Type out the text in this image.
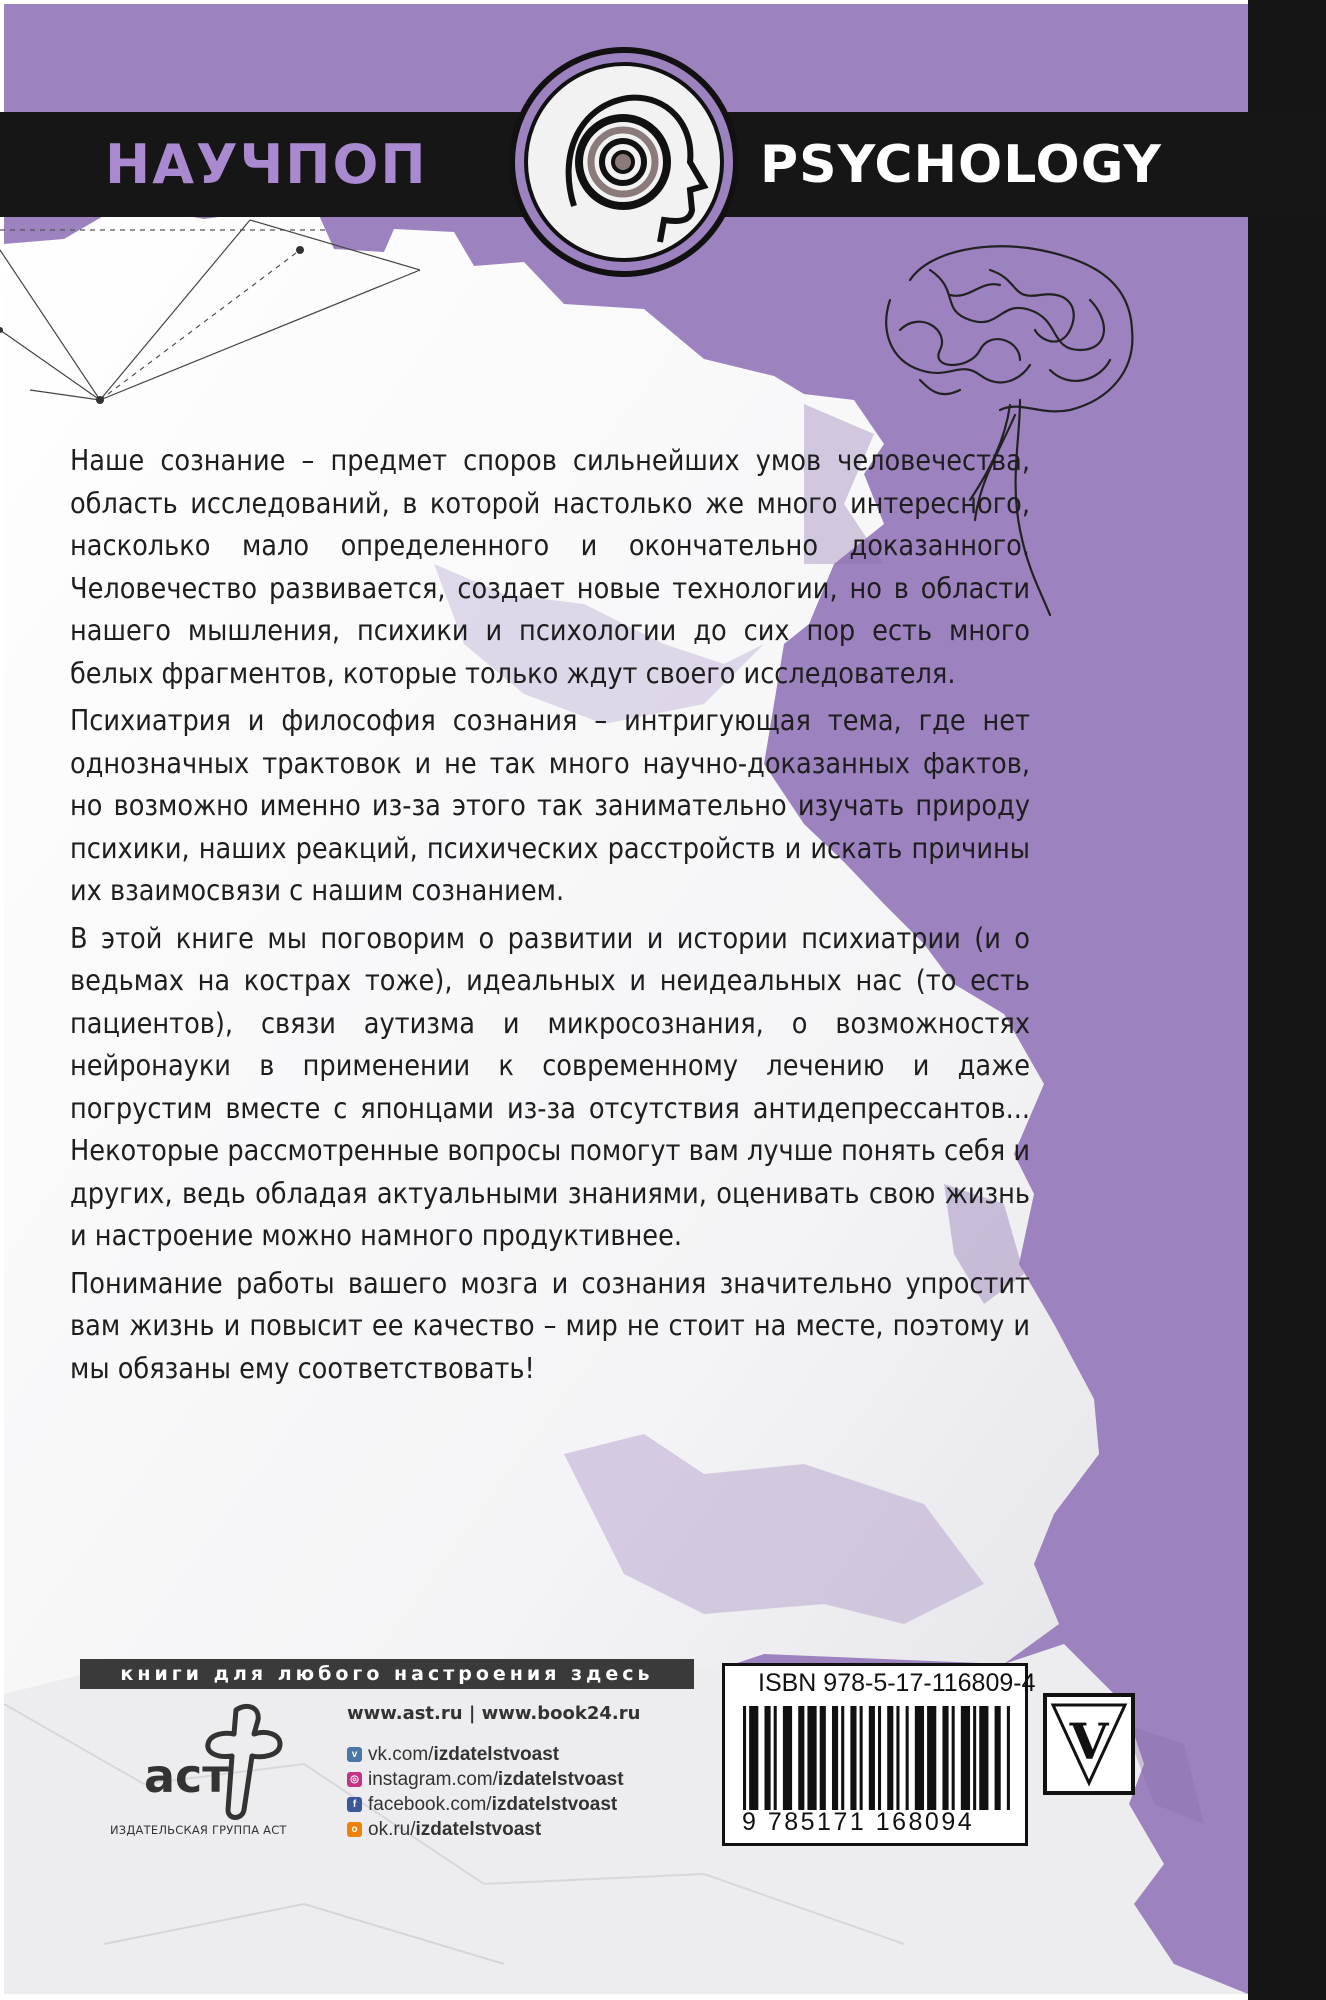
НАУЧПОП	PSYCHOLOGY

Наше сознание – предмет споров сильнейших умов человечества, область исследований, в которой настолько же много интересного, насколько мало определенного и окончательно доказанного. Человечество развивается, создает новые технологии, но в области нашего мышления, психики и психологии до сих пор есть много белых фрагментов, которые только ждут своего исследователя.

Психиатрия и философия сознания – интригующая тема, где нет однозначных трактовок и не так много научно-доказанных фактов, но возможно именно из-за этого так занимательно изучать природу психики, наших реакций, психических расстройств и искать причины их взаимосвязи с нашим сознанием.

В этой книге мы поговорим о развитии и истории психиатрии (и о ведьмах на кострах тоже), идеальных и неидеальных нас (то есть пациентов), связи аутизма и микросознания, о возможностях нейронауки в применении к современному лечению и даже погрустим вместе с японцами из-за отсутствия антидепрессантов... Некоторые рассмотренные вопросы помогут вам лучше понять себя и других, ведь обладая актуальными знаниями, оценивать свою жизнь и настроение можно намного продуктивнее.

Понимание работы вашего мозга и сознания значительно упростит вам жизнь и повысит ее качество – мир не стоит на месте, поэтому и мы обязаны ему соответствовать!

книги для любого настроения здесь
аст
ИЗДАТЕЛЬСКАЯ ГРУППА АСТ
www.ast.ru | www.book24.ru
v vk.com/ izdatelstvoast
◎ instagram.com/ izdatelstvoast
f facebook.com/ izdatelstvoast
o ok.ru/ izdatelstvoast
ISBN 978-5-17-116809-4
9 785171 168094
V
